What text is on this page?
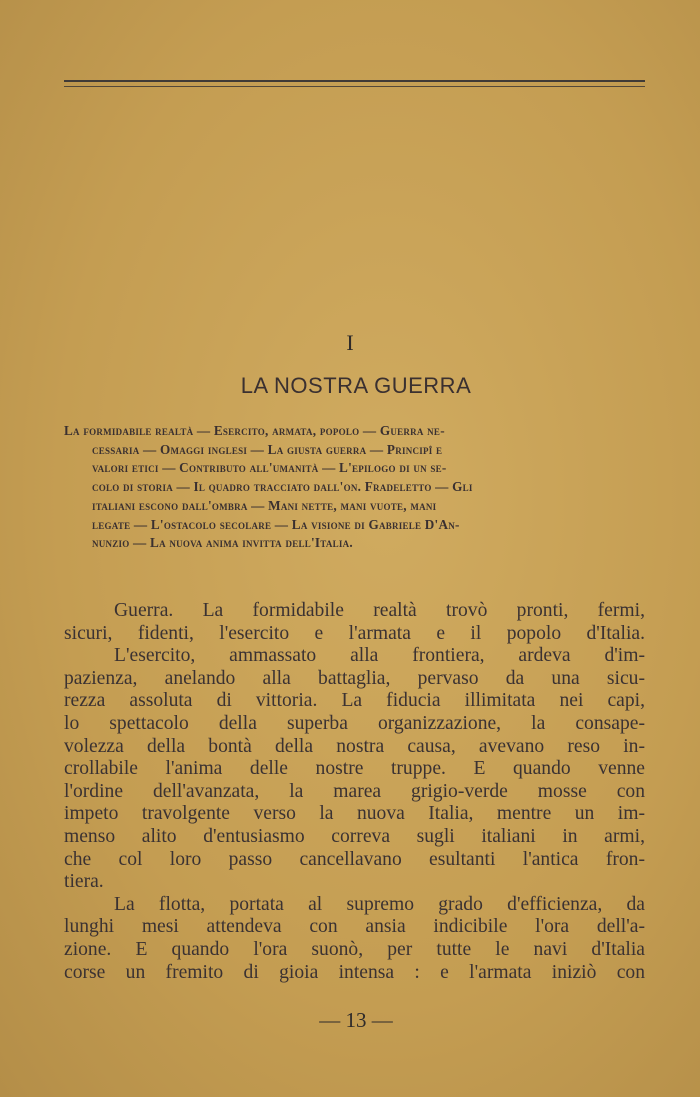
I
LA NOSTRA GUERRA
La formidabile realtà — Esercito, armata, popolo — Guerra ne-
cessaria — Omaggi inglesi — La giusta guerra — Principî e
valori etici — Contributo all'umanità — L'epilogo di un se-
colo di storia — Il quadro tracciato dall'on. Fradeletto — Gli
italiani escono dall'ombra — Mani nette, mani vuote, mani
legate — L'ostacolo secolare — La visione di Gabriele D'An-
nunzio — La nuova anima invitta dell'Italia.
Guerra. La formidabile realtà trovò pronti, fermi,
sicuri, fidenti, l'esercito e l'armata e il popolo d'Italia.
L'esercito, ammassato alla frontiera, ardeva d'im-
pazienza, anelando alla battaglia, pervaso da una sicu-
rezza assoluta di vittoria. La fiducia illimitata nei capi,
lo spettacolo della superba organizzazione, la consape-
volezza della bontà della nostra causa, avevano reso in-
crollabile l'anima delle nostre truppe. E quando venne
l'ordine dell'avanzata, la marea grigio-verde mosse con
impeto travolgente verso la nuova Italia, mentre un im-
menso alito d'entusiasmo correva sugli italiani in armi,
che col loro passo cancellavano esultanti l'antica fron-
tiera.
La flotta, portata al supremo grado d'efficienza, da
lunghi mesi attendeva con ansia indicibile l'ora dell'a-
zione. E quando l'ora suonò, per tutte le navi d'Italia
corse un fremito di gioia intensa : e l'armata iniziò con
— 13 —
